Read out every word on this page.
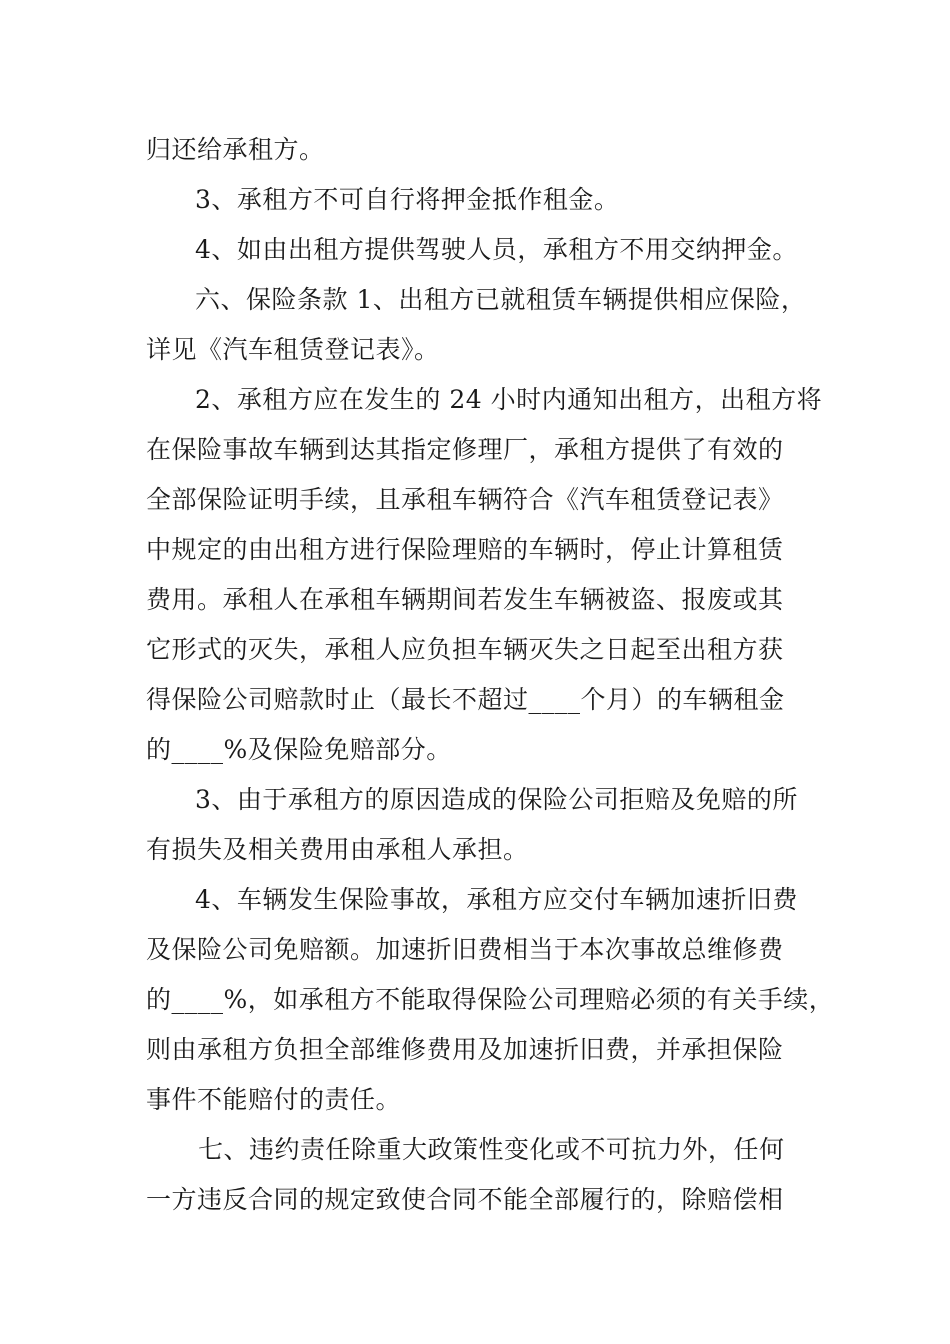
归还给承租方。

3、承租方不可自行将押金抵作租金。

4、如由出租方提供驾驶人员，承租方不用交纳押金。

六、保险条款 1、出租方已就租赁车辆提供相应保险，

详见《汽车租赁登记表》。

2、承租方应在发生的 24 小时内通知出租方，出租方将

在保险事故车辆到达其指定修理厂，承租方提供了有效的

全部保险证明手续，且承租车辆符合《汽车租赁登记表》

中规定的由出租方进行保险理赔的车辆时，停止计算租赁

费用。承租人在承租车辆期间若发生车辆被盗、报废或其

它形式的灭失，承租人应负担车辆灭失之日起至出租方获

得保险公司赔款时止（最长不超过____个月）的车辆租金

的____%及保险免赔部分。

3、由于承租方的原因造成的保险公司拒赔及免赔的所

有损失及相关费用由承租人承担。

4、车辆发生保险事故，承租方应交付车辆加速折旧费

及保险公司免赔额。加速折旧费相当于本次事故总维修费

的____%，如承租方不能取得保险公司理赔必须的有关手续，

则由承租方负担全部维修费用及加速折旧费，并承担保险

事件不能赔付的责任。

七、违约责任除重大政策性变化或不可抗力外，任何

一方违反合同的规定致使合同不能全部履行的，除赔偿相
